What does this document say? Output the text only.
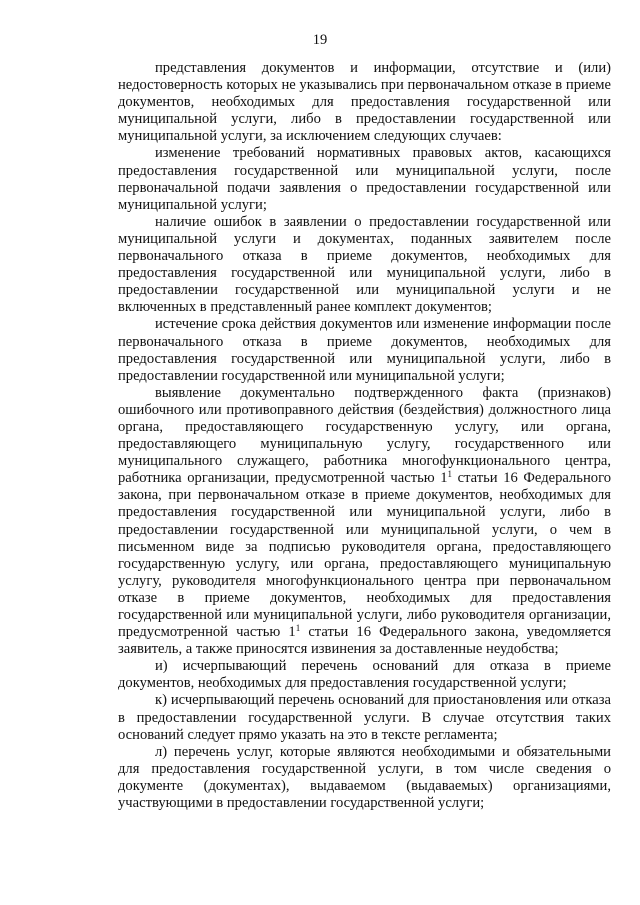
19

представления документов и информации, отсутствие и (или) недостоверность которых не указывались при первоначальном отказе в приеме документов, необходимых для предоставления государственной или муниципальной услуги, либо в предоставлении государственной или муниципальной услуги, за исключением следующих случаев:

изменение требований нормативных правовых актов, касающихся предоставления государственной или муниципальной услуги, после первоначальной подачи заявления о предоставлении государственной или муниципальной услуги;

наличие ошибок в заявлении о предоставлении государственной или муниципальной услуги и документах, поданных заявителем после первоначального отказа в приеме документов, необходимых для предоставления государственной или муниципальной услуги, либо в предоставлении государственной или муниципальной услуги и не включенных в представленный ранее комплект документов;

истечение срока действия документов или изменение информации после первоначального отказа в приеме документов, необходимых для предоставления государственной или муниципальной услуги, либо в предоставлении государственной или муниципальной услуги;

выявление документально подтвержденного факта (признаков) ошибочного или противоправного действия (бездействия) должностного лица органа, предоставляющего государственную услугу, или органа, предоставляющего муниципальную услугу, государственного или муниципального служащего, работника многофункционального центра, работника организации, предусмотренной частью $1^1$ статьи 16 Федерального закона, при первоначальном отказе в приеме документов, необходимых для предоставления государственной или муниципальной услуги, либо в предоставлении государственной или муниципальной услуги, о чем в письменном виде за подписью руководителя органа, предоставляющего государственную услугу, или органа, предоставляющего муниципальную услугу, руководителя многофункционального центра при первоначальном отказе в приеме документов, необходимых для предоставления государственной или муниципальной услуги, либо руководителя организации, предусмотренной частью $1^1$ статьи 16 Федерального закона, уведомляется заявитель, а также приносятся извинения за доставленные неудобства;

и) исчерпывающий перечень оснований для отказа в приеме документов, необходимых для предоставления государственной услуги;

к) исчерпывающий перечень оснований для приостановления или отказа в предоставлении государственной услуги. В случае отсутствия таких оснований следует прямо указать на это в тексте регламента;

л) перечень услуг, которые являются необходимыми и обязательными для предоставления государственной услуги, в том числе сведения о документе (документах), выдаваемом (выдаваемых) организациями, участвующими в предоставлении государственной услуги;
